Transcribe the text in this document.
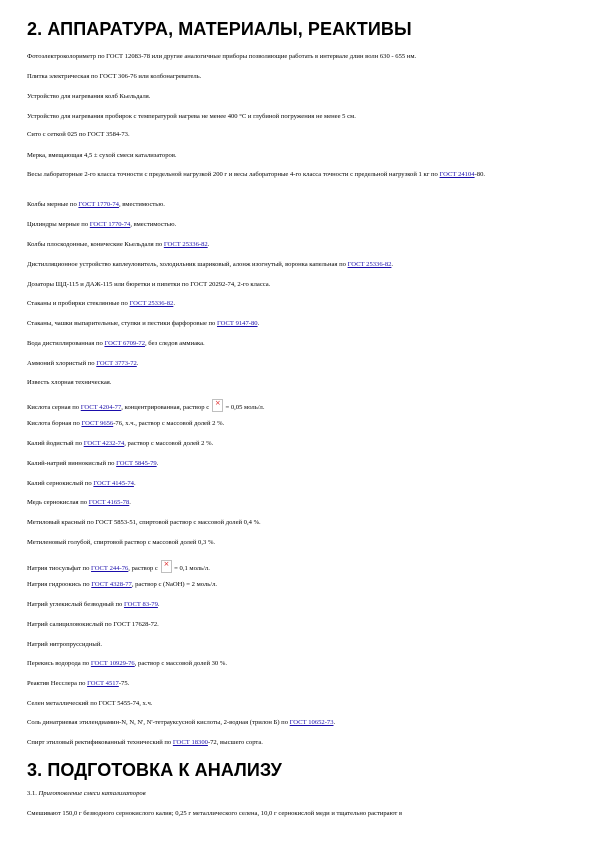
2. АППАРАТУРА, МАТЕРИАЛЫ, РЕАКТИВЫ

Фотоэлектроколориметр по ГОСТ 12083-78 или другие аналогичные приборы позволяющие работать в интервале длин волн 630 - 655 нм.

Плитка электрическая по ГОСТ 306-76 или колбонагреватель.

Устройство для нагревания колб Кьельдаля.

Устройство для нагревания пробирок с температурой нагрева не менее 400 °С и глубиной погружения не менее 5 см.

Сито с сеткой 025 по ГОСТ 3584-73.

Мерка, вмещающая 4,5 ± сухой смеси катализаторов.

Весы лабораторные 2-го класса точности с предельной нагрузкой 200 г и весы лабораторные 4-го класса точности с предельной нагрузкой 1 кг по ГОСТ 24104-80.

Колбы мерные по ГОСТ 1770-74, вместимостью.

Цилиндры мерные по ГОСТ 1770-74, вместимостью.

Колбы плоскодонные, конические Кьельдаля по ГОСТ 25336-82.

Дистилляционное устройство каплеуловитель, холодильник шариковый, алонж изогнутый, воронка капельная по ГОСТ 25336-82.

Дозаторы ЩД-115 и ДАЖ-115 или бюретки и пипетки по ГОСТ 20292-74, 2-го класса.

Стаканы и пробирки стеклянные по ГОСТ 25336-82.

Стаканы, чашки выпарительные, ступки и пестики фарфоровые по ГОСТ 9147-80.

Вода дистиллированная по ГОСТ 6709-72, без следов аммиака.

Аммоний хлористый по ГОСТ 3773-72.

Известь хлорная техническая.

Кислота серная по ГОСТ 4204-77, концентрированная, раствор с × = 0,05 моль/л.

Кислота борная по ГОСТ 9656-76, х.ч., раствор с массовой долей 2 %.

Калий йодистый по ГОСТ 4232-74, раствор с массовой долей 2 %.

Калий-натрий виннокислый по ГОСТ 5845-79.

Калий сернокислый по ГОСТ 4145-74.

Медь сернокислая по ГОСТ 4165-78.

Метиловый красный по ГОСТ 5853-51, спиртовой раствор с массовой долей 0,4 %.

Метиленовый голубой, спиртовой раствор с массовой долей 0,3 %.

Натрия тиосульфат по ГОСТ 244-76, раствор с × = 0,1 моль/л.

Натрия гидроокись по ГОСТ 4328-77, раствор с (NaOH) = 2 моль/л.

Натрий углекислый безводный по ГОСТ 83-79.

Натрий салициловокислый по ГОСТ 17628-72.

Натрий нитропруссидный.

Перекись водорода по ГОСТ 10929-76, раствор с массовой долей 30 %.

Реактив Несслера по ГОСТ 4517-75.

Селен металлический по ГОСТ 5455-74, х.ч.

Соль динатриевая этилендиамин-N, N, N', N'-тетрауксусной кислоты, 2-водная (трилон Б) по ГОСТ 10652-73.

Спирт этиловый ректификованный технический по ГОСТ 18300-72, высшего сорта.

3. ПОДГОТОВКА К АНАЛИЗУ

3.1. Приготовление смеси катализаторов

Смешивают 150,0 г безводного сернокислого калия; 0,25 г металлического селена, 10,0 г сернокислой меди и тщательно растирают в
